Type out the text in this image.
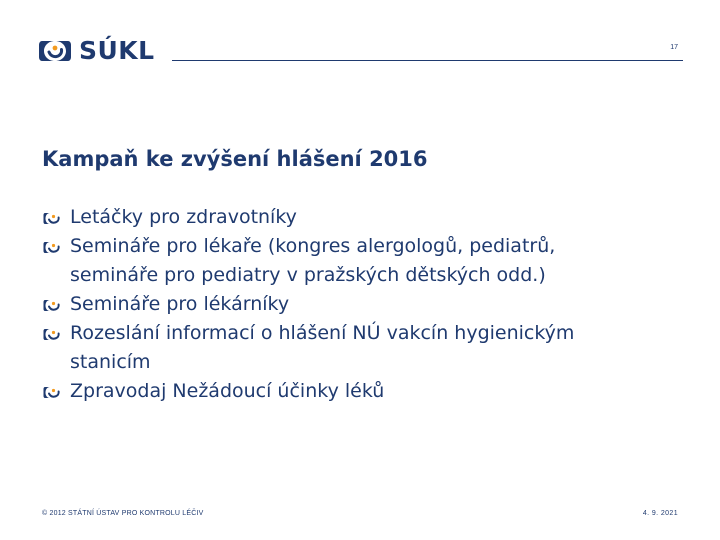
SÚKL	17
Kampaň ke zvýšení hlášení 2016
Letáčky pro zdravotníky
Semináře pro lékaře (kongres alergologů, pediatrů,
semináře pro pediatry v pražských dětských odd.)
Semináře pro lékárníky
Rozeslání informací o hlášení NÚ vakcín hygienickým
stanicím
Zpravodaj Nežádoucí účinky léků
© 2012 STÁTNÍ ÚSTAV PRO KONTROLU LÉČIV	4. 9. 2021
